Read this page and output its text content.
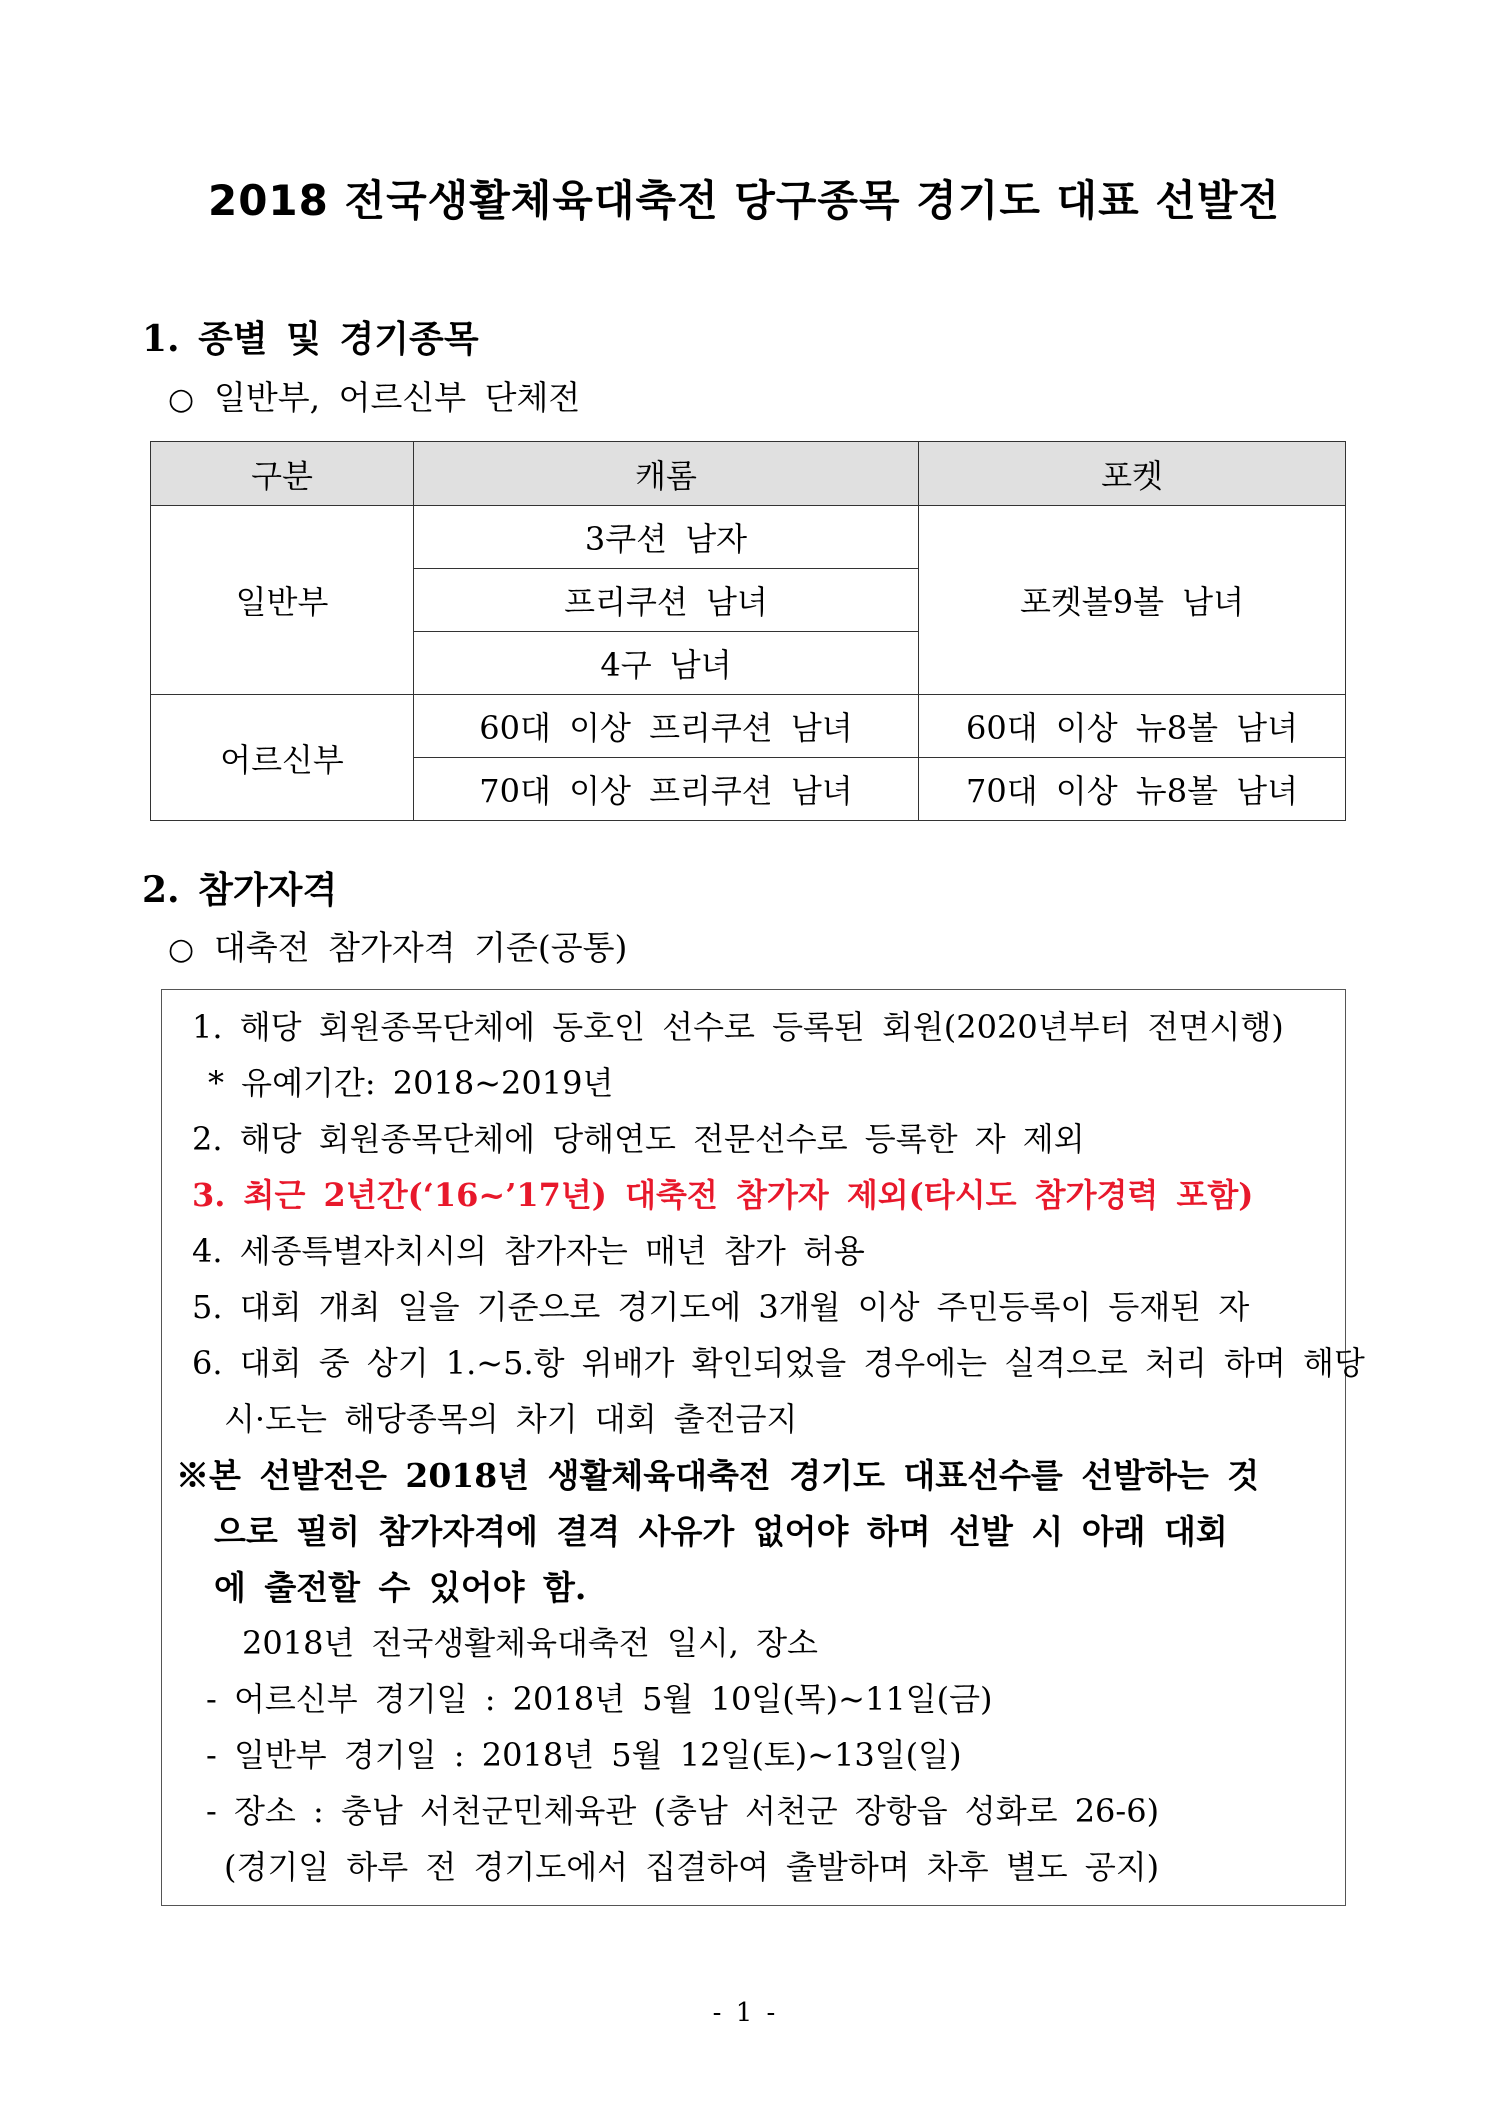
2018 전국생활체육대축전 당구종목 경기도 대표 선발전
1. 종별 및 경기종목
○ 일반부, 어르신부 단체전
구분	캐롬	포켓
일반부	3쿠션 남자	포켓볼9볼 남녀
	프리쿠션 남녀	
	4구 남녀	
어르신부	60대 이상 프리쿠션 남녀	60대 이상 뉴8볼 남녀
	70대 이상 프리쿠션 남녀	70대 이상 뉴8볼 남녀
2. 참가자격
○ 대축전 참가자격 기준(공통)
1. 해당 회원종목단체에 동호인 선수로 등록된 회원(2020년부터 전면시행)
* 유예기간: 2018~2019년
2. 해당 회원종목단체에 당해연도 전문선수로 등록한 자 제외
3. 최근 2년간(‘16~’17년) 대축전 참가자 제외(타시도 참가경력 포함)
4. 세종특별자치시의 참가자는 매년 참가 허용
5. 대회 개최 일을 기준으로 경기도에 3개월 이상 주민등록이 등재된 자
6. 대회 중 상기 1.~5.항 위배가 확인되었을 경우에는 실격으로 처리 하며 해당
시·도는 해당종목의 차기 대회 출전금지
※본 선발전은 2018년 생활체육대축전 경기도 대표선수를 선발하는 것
으로 필히 참가자격에 결격 사유가 없어야 하며 선발 시 아래 대회
에 출전할 수 있어야 함.
2018년 전국생활체육대축전 일시, 장소
- 어르신부 경기일 : 2018년 5월 10일(목)~11일(금)
- 일반부 경기일 : 2018년 5월 12일(토)~13일(일)
- 장소 : 충남 서천군민체육관 (충남 서천군 장항읍 성화로 26-6)
(경기일 하루 전 경기도에서 집결하여 출발하며 차후 별도 공지)
- 1 -
